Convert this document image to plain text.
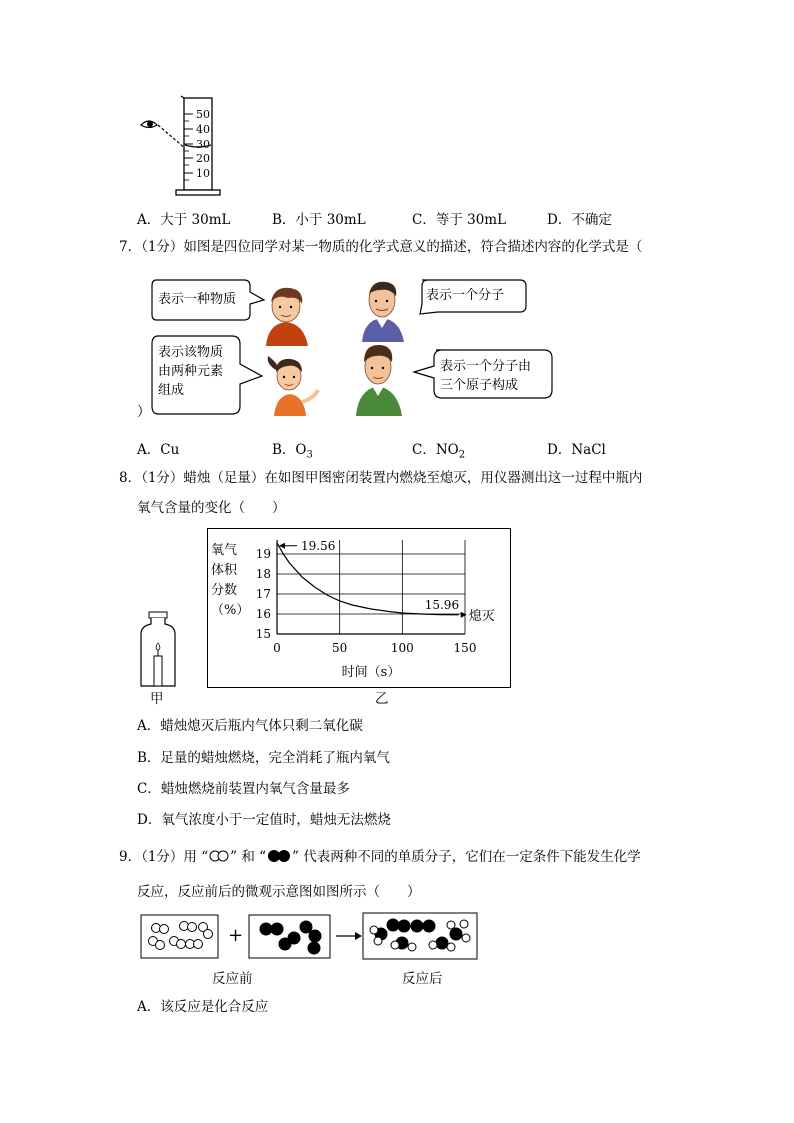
50
40
30
20
10
A．大于 30mL	B．小于 30mL	C．等于 30mL	D．不确定
7．（1分）如图是四位同学对某一物质的化学式意义的描述，符合描述内容的化学式是（
表示一种物质	表示一个分子
表示该物质
由两种元素
组成
表示一个分子由
三个原子构成
）
A．Cu	B．$O_3$	C．$NO_2$	D．NaCl
8．（1分）蜡烛（足量）在如图甲图密闭装置内燃烧至熄灭，用仪器测出这一过程中瓶内
氧气含量的变化（　　）
甲
氧气
体积
分数
（%）
15
16
17
18
19
0	50	100	150
时间（s）
19.56
15.96
熄灭
乙
A．蜡烛熄灭后瓶内气体只剩二氧化碳
B．足量的蜡烛燃烧，完全消耗了瓶内氧气
C．蜡烛燃烧前装置内氧气含量最多
D．氧气浓度小于一定值时，蜡烛无法燃烧
9．（1分）用 “ ” 和 “ ” 代表两种不同的单质分子，它们在一定条件下能发生化学
反应，反应前后的微观示意图如图所示（　　）
+
反应前	反应后
A．该反应是化合反应
